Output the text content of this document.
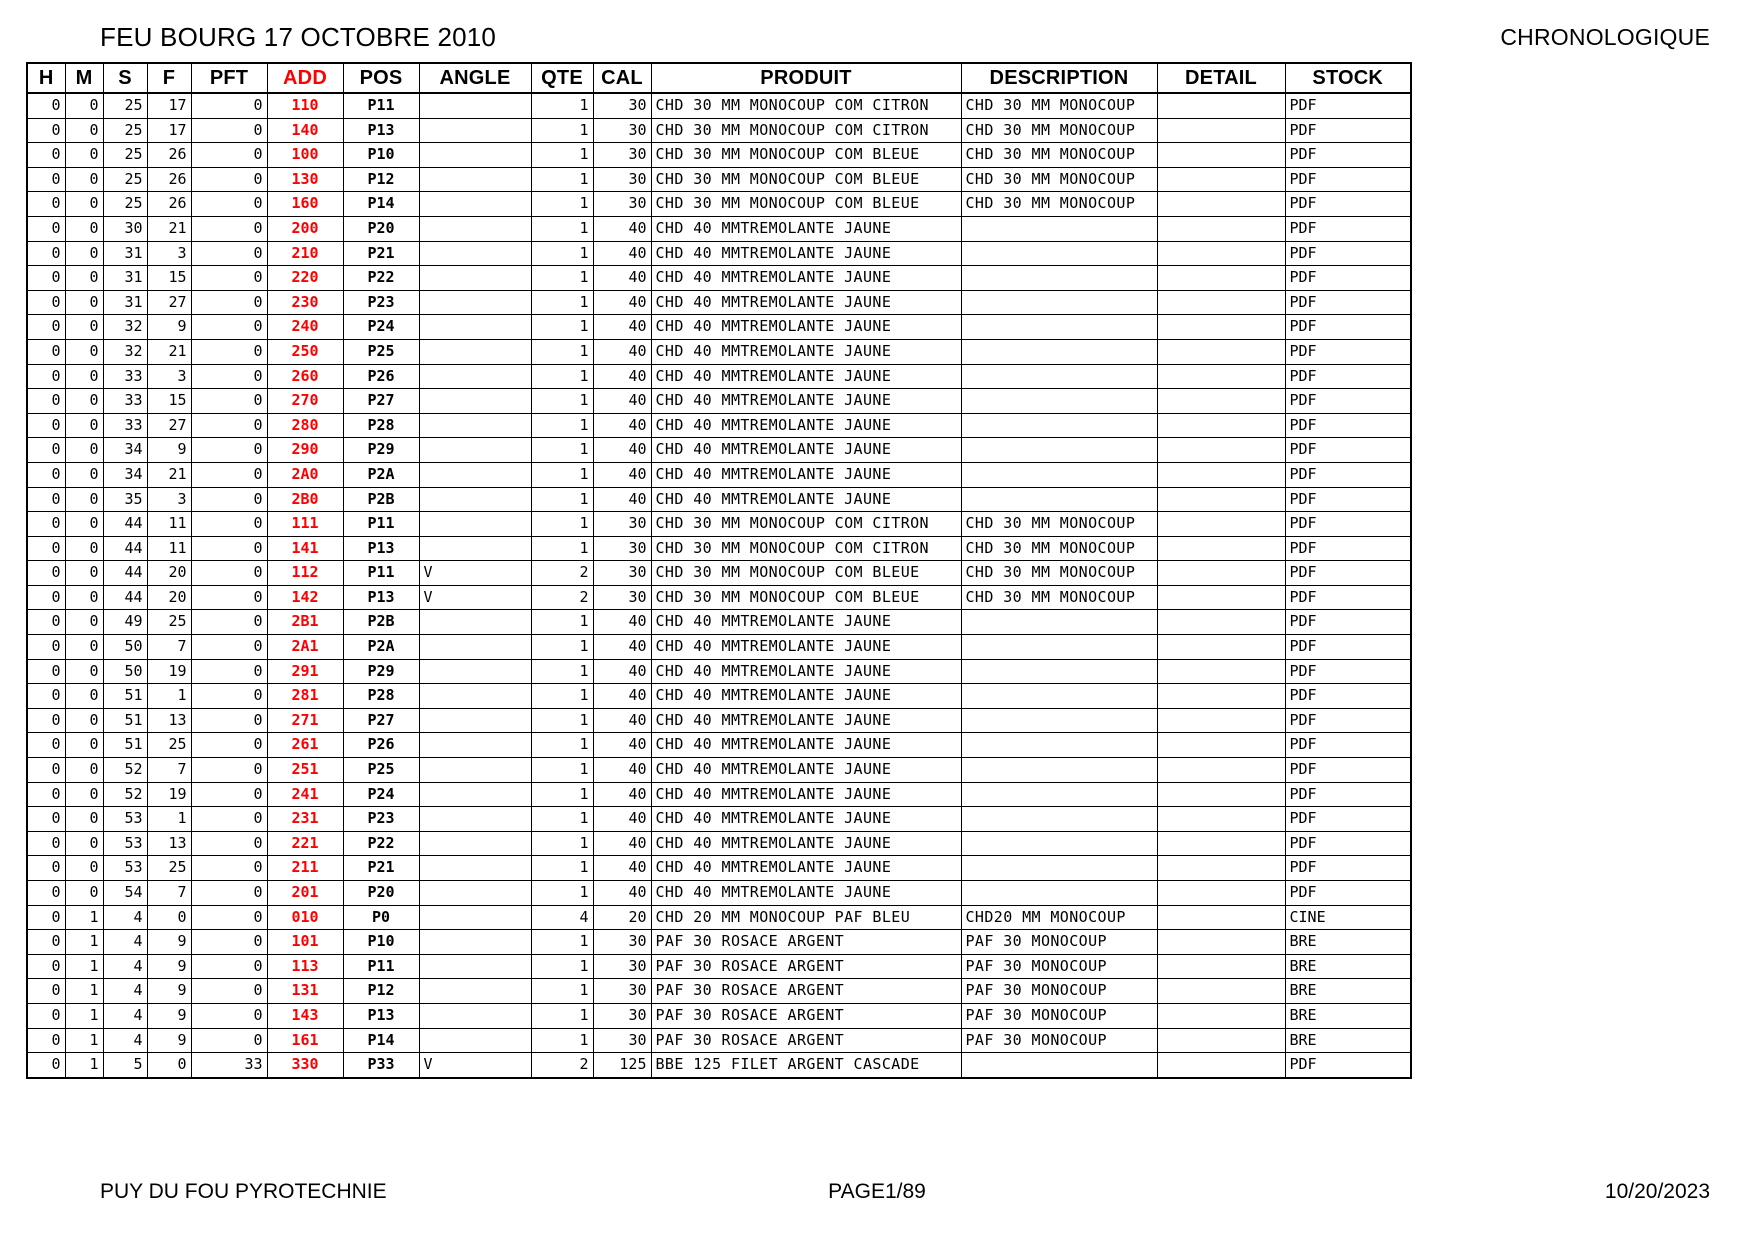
FEU BOURG 17 OCTOBRE 2010	CHRONOLOGIQUE
H	M	S	F	PFT	ADD	POS	ANGLE	QTE	CAL	PRODUIT	DESCRIPTION	DETAIL	STOCK
0	0	25	17	0	110	P11		1	30	CHD 30 MM MONOCOUP COM CITRON	CHD 30 MM MONOCOUP		PDF
0	0	25	17	0	140	P13		1	30	CHD 30 MM MONOCOUP COM CITRON	CHD 30 MM MONOCOUP		PDF
0	0	25	26	0	100	P10		1	30	CHD 30 MM MONOCOUP COM BLEUE	CHD 30 MM MONOCOUP		PDF
0	0	25	26	0	130	P12		1	30	CHD 30 MM MONOCOUP COM BLEUE	CHD 30 MM MONOCOUP		PDF
0	0	25	26	0	160	P14		1	30	CHD 30 MM MONOCOUP COM BLEUE	CHD 30 MM MONOCOUP		PDF
0	0	30	21	0	200	P20		1	40	CHD 40 MMTREMOLANTE JAUNE			PDF
0	0	31	3	0	210	P21		1	40	CHD 40 MMTREMOLANTE JAUNE			PDF
0	0	31	15	0	220	P22		1	40	CHD 40 MMTREMOLANTE JAUNE			PDF
0	0	31	27	0	230	P23		1	40	CHD 40 MMTREMOLANTE JAUNE			PDF
0	0	32	9	0	240	P24		1	40	CHD 40 MMTREMOLANTE JAUNE			PDF
0	0	32	21	0	250	P25		1	40	CHD 40 MMTREMOLANTE JAUNE			PDF
0	0	33	3	0	260	P26		1	40	CHD 40 MMTREMOLANTE JAUNE			PDF
0	0	33	15	0	270	P27		1	40	CHD 40 MMTREMOLANTE JAUNE			PDF
0	0	33	27	0	280	P28		1	40	CHD 40 MMTREMOLANTE JAUNE			PDF
0	0	34	9	0	290	P29		1	40	CHD 40 MMTREMOLANTE JAUNE			PDF
0	0	34	21	0	2A0	P2A		1	40	CHD 40 MMTREMOLANTE JAUNE			PDF
0	0	35	3	0	2B0	P2B		1	40	CHD 40 MMTREMOLANTE JAUNE			PDF
0	0	44	11	0	111	P11		1	30	CHD 30 MM MONOCOUP COM CITRON	CHD 30 MM MONOCOUP		PDF
0	0	44	11	0	141	P13		1	30	CHD 30 MM MONOCOUP COM CITRON	CHD 30 MM MONOCOUP		PDF
0	0	44	20	0	112	P11	V	2	30	CHD 30 MM MONOCOUP COM BLEUE	CHD 30 MM MONOCOUP		PDF
0	0	44	20	0	142	P13	V	2	30	CHD 30 MM MONOCOUP COM BLEUE	CHD 30 MM MONOCOUP		PDF
0	0	49	25	0	2B1	P2B		1	40	CHD 40 MMTREMOLANTE JAUNE			PDF
0	0	50	7	0	2A1	P2A		1	40	CHD 40 MMTREMOLANTE JAUNE			PDF
0	0	50	19	0	291	P29		1	40	CHD 40 MMTREMOLANTE JAUNE			PDF
0	0	51	1	0	281	P28		1	40	CHD 40 MMTREMOLANTE JAUNE			PDF
0	0	51	13	0	271	P27		1	40	CHD 40 MMTREMOLANTE JAUNE			PDF
0	0	51	25	0	261	P26		1	40	CHD 40 MMTREMOLANTE JAUNE			PDF
0	0	52	7	0	251	P25		1	40	CHD 40 MMTREMOLANTE JAUNE			PDF
0	0	52	19	0	241	P24		1	40	CHD 40 MMTREMOLANTE JAUNE			PDF
0	0	53	1	0	231	P23		1	40	CHD 40 MMTREMOLANTE JAUNE			PDF
0	0	53	13	0	221	P22		1	40	CHD 40 MMTREMOLANTE JAUNE			PDF
0	0	53	25	0	211	P21		1	40	CHD 40 MMTREMOLANTE JAUNE			PDF
0	0	54	7	0	201	P20		1	40	CHD 40 MMTREMOLANTE JAUNE			PDF
0	1	4	0	0	010	P0		4	20	CHD 20 MM MONOCOUP PAF BLEU	CHD20 MM MONOCOUP		CINE
0	1	4	9	0	101	P10		1	30	PAF 30 ROSACE ARGENT	PAF 30 MONOCOUP		BRE
0	1	4	9	0	113	P11		1	30	PAF 30 ROSACE ARGENT	PAF 30 MONOCOUP		BRE
0	1	4	9	0	131	P12		1	30	PAF 30 ROSACE ARGENT	PAF 30 MONOCOUP		BRE
0	1	4	9	0	143	P13		1	30	PAF 30 ROSACE ARGENT	PAF 30 MONOCOUP		BRE
0	1	4	9	0	161	P14		1	30	PAF 30 ROSACE ARGENT	PAF 30 MONOCOUP		BRE
0	1	5	0	33	330	P33	V	2	125	BBE 125 FILET ARGENT CASCADE			PDF
PUY DU FOU PYROTECHNIE	PAGE1/89	10/20/2023
